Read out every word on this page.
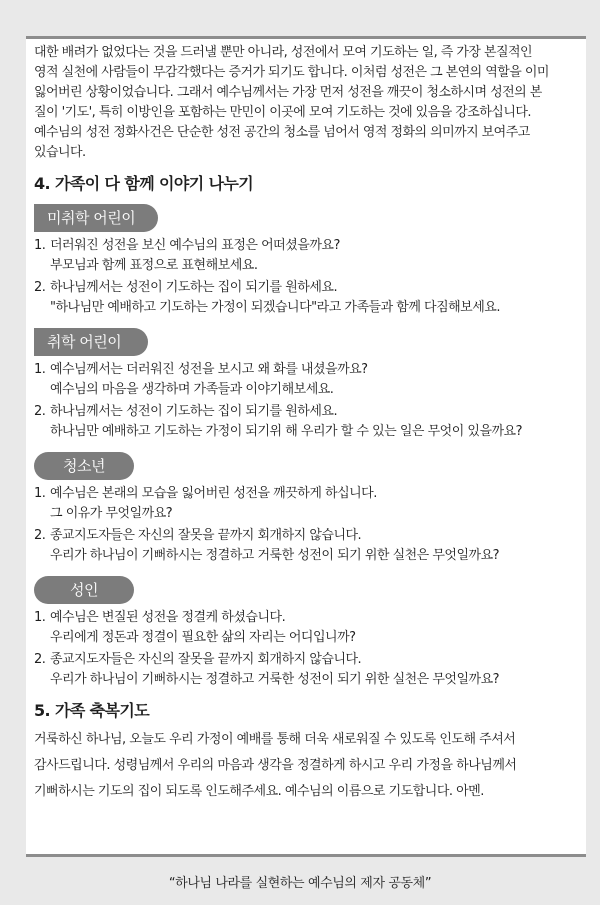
대한 배려가 없었다는 것을 드러낼 뿐만 아니라, 성전에서 모여 기도하는 일, 즉 가장 본질적인

영적 실천에 사람들이 무감각했다는 증거가 되기도 합니다. 이처럼 성전은 그 본연의 역할을 이미

잃어버린 상황이었습니다. 그래서 예수님께서는 가장 먼저 성전을 깨끗이 청소하시며 성전의 본

질이 '기도', 특히 이방인을 포함하는 만민이 이곳에 모여 기도하는 것에 있음을 강조하십니다.

예수님의 성전 정화사건은 단순한 성전 공간의 청소를 넘어서 영적 정화의 의미까지 보여주고

있습니다.

4. 가족이 다 함께 이야기 나누기
미취학 어린이
1. 더러워진 성전을 보신 예수님의 표정은 어떠셨을까요?
부모님과 함께 표정으로 표현해보세요.
2. 하나님께서는 성전이 기도하는 집이 되기를 원하세요.
"하나님만 예배하고 기도하는 가정이 되겠습니다"라고 가족들과 함께 다짐해보세요.
취학 어린이
1. 예수님께서는 더러워진 성전을 보시고 왜 화를 내셨을까요?
예수님의 마음을 생각하며 가족들과 이야기해보세요.
2. 하나님께서는 성전이 기도하는 집이 되기를 원하세요.
하나님만 예배하고 기도하는 가정이 되기위 해 우리가 할 수 있는 일은 무엇이 있을까요?
청소년
1. 예수님은 본래의 모습을 잃어버린 성전을 깨끗하게 하십니다.
그 이유가 무엇일까요?
2. 종교지도자들은 자신의 잘못을 끝까지 회개하지 않습니다.
우리가 하나님이 기뻐하시는 정결하고 거룩한 성전이 되기 위한 실천은 무엇일까요?
성인
1. 예수님은 변질된 성전을 정결케 하셨습니다.
우리에게 정돈과 정결이 필요한 삶의 자리는 어디입니까?
2. 종교지도자들은 자신의 잘못을 끝까지 회개하지 않습니다.
우리가 하나님이 기뻐하시는 정결하고 거룩한 성전이 되기 위한 실천은 무엇일까요?
5. 가족 축복기도

거룩하신 하나님, 오늘도 우리 가정이 예배를 통해 더욱 새로워질 수 있도록 인도해 주셔서

감사드립니다. 성령님께서 우리의 마음과 생각을 정결하게 하시고 우리 가정을 하나님께서

기뻐하시는 기도의 집이 되도록 인도해주세요. 예수님의 이름으로 기도합니다. 아멘.

“하나님 나라를 실현하는 예수님의 제자 공동체”
